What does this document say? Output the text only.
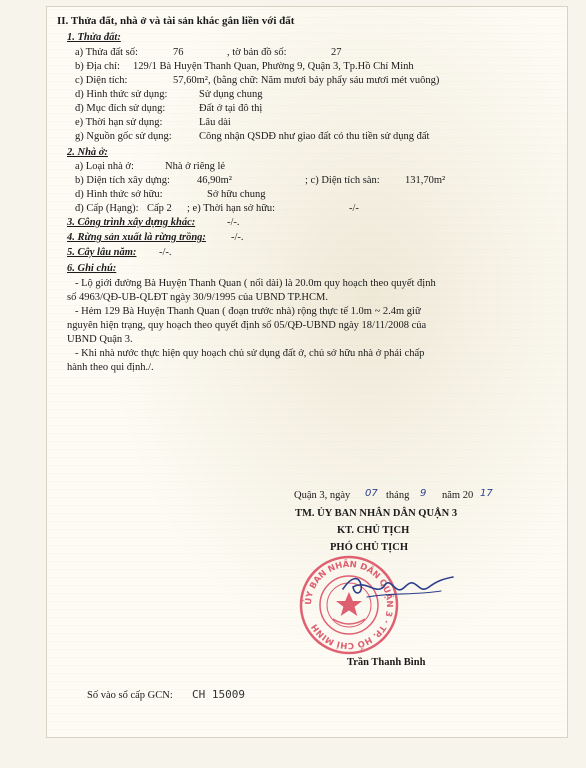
II. Thửa đất, nhà ở và tài sản khác gắn liền với đất
1. Thửa đất:
a) Thửa đất số:	76	, tờ bản đồ số:	27
b) Địa chỉ: 129/1 Bà Huyện Thanh Quan, Phường 9, Quận 3, Tp.Hồ Chí Minh
c) Diện tích:	57,60m², (bằng chữ: Năm mươi bảy phẩy sáu mươi mét vuông)
d) Hình thức sử dụng:	Sử dụng chung
đ) Mục đích sử dụng:	Đất ở tại đô thị
e) Thời hạn sử dụng:	Lâu dài
g) Nguồn gốc sử dụng:	Công nhận QSDĐ như giao đất có thu tiền sử dụng đất
2. Nhà ở:
a) Loại nhà ở:	Nhà ở riêng lẻ
b) Diện tích xây dựng:	46,90m²	; c) Diện tích sàn: 131,70m²
d) Hình thức sở hữu:	Sở hữu chung
đ) Cấp (Hạng): Cấp 2 ; e) Thời hạn sở hữu:	-/-
3. Công trình xây dựng khác:	-/-.
4. Rừng sản xuất là rừng trồng: -/-.
5. Cây lâu năm: -/-.
6. Ghi chú:
- Lộ giới đường Bà Huyện Thanh Quan ( nối dài) là 20.0m quy hoạch theo quyết định
số 4963/QĐ-UB-QLĐT ngày 30/9/1995 của UBND TP.HCM.
- Hẻm 129 Bà Huyện Thanh Quan ( đoạn trước nhà) rộng thực tế 1.0m ~ 2.4m giữ
nguyên hiện trạng, quy hoạch theo quyết định số 05/QĐ-UBND ngày 18/11/2008 của
UBND Quận 3.
- Khi nhà nước thực hiện quy hoạch chủ sử dụng đất ở, chủ sở hữu nhà ở phải chấp
hành theo qui định./.
Quận 3, ngày 07 tháng 9 năm 20 17
TM. ỦY BAN NHÂN DÂN QUẬN 3
KT. CHỦ TỊCH
PHÓ CHỦ TỊCH
ỦY BAN NHÂN DÂN QUẬN 3 · TP. HỒ CHÍ MINH
Trần Thanh Bình
Số vào sổ cấp GCN: CH 15009
